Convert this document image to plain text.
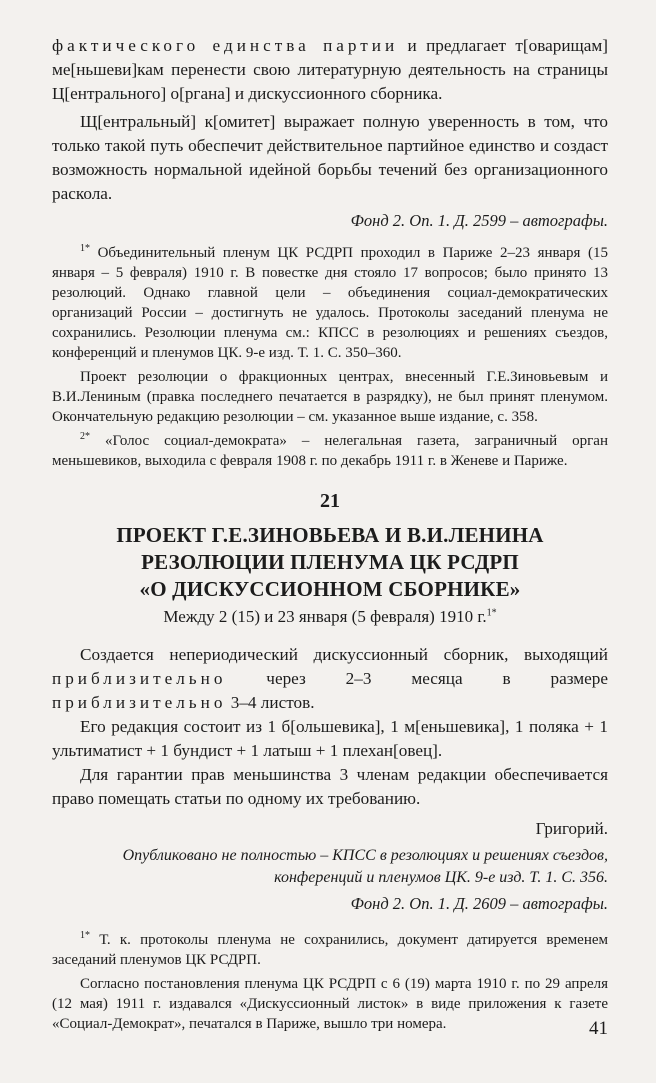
фактического единства партии и предлагает т[оварищам] ме[ньшеви]кам перенести свою литературную деятельность на страницы Ц[ентрального] о[ргана] и дискуссионного сборника.

Щ[ентральный] к[омитет] выражает полную уверенность в том, что только такой путь обеспечит действительное партийное единство и создаст возможность нормальной идейной борьбы течений без организационного раскола.

Фонд 2. Оп. 1. Д. 2599 – автографы.

$^{1*}$ Объединительный пленум ЦК РСДРП проходил в Париже 2–23 января (15 января – 5 февраля) 1910 г. В повестке дня стояло 17 вопросов; было принято 13 резолюций. Однако главной цели – объединения социал-демократических организаций России – достигнуть не удалось. Протоколы заседаний пленума не сохранились. Резолюции пленума см.: КПСС в резолюциях и решениях съездов, конференций и пленумов ЦК. 9-е изд. Т. 1. С. 350–360.

Проект резолюции о фракционных центрах, внесенный Г.Е.Зиновьевым и В.И.Лениным (правка последнего печатается в разрядку), не был принят пленумом. Окончательную редакцию резолюции – см. указанное выше издание, с. 358.

$^{2*}$ «Голос социал-демократа» – нелегальная газета, заграничный орган меньшевиков, выходила с февраля 1908 г. по декабрь 1911 г. в Женеве и Париже.

21

ПРОЕКТ Г.Е.ЗИНОВЬЕВА И В.И.ЛЕНИНА
РЕЗОЛЮЦИИ ПЛЕНУМА ЦК РСДРП
«О ДИСКУССИОННОМ СБОРНИКЕ»

Между 2 (15) и 23 января (5 февраля) 1910 г.$^{1*}$

Создается непериодический дискуссионный сборник, выходящий приблизительно через 2–3 месяца в размере приблизительно 3–4 листов.

Его редакция состоит из 1 б[ольшевика], 1 м[еньшевика], 1 поляка + 1 ультиматист + 1 бундист + 1 латыш + 1 плехан[овец].

Для гарантии прав меньшинства 3 членам редакции обеспечивается право помещать статьи по одному их требованию.

Григорий.

Опубликовано не полностью – КПСС в резолюциях и решениях съездов, конференций и пленумов ЦК. 9-е изд. Т. 1. С. 356.

Фонд 2. Оп. 1. Д. 2609 – автографы.

$^{1*}$ Т. к. протоколы пленума не сохранились, документ датируется временем заседаний пленумов ЦК РСДРП.

Согласно постановления пленума ЦК РСДРП с 6 (19) марта 1910 г. по 29 апреля (12 мая) 1911 г. издавался «Дискуссионный листок» в виде приложения к газете «Социал-Демократ», печатался в Париже, вышло три номера.	41
